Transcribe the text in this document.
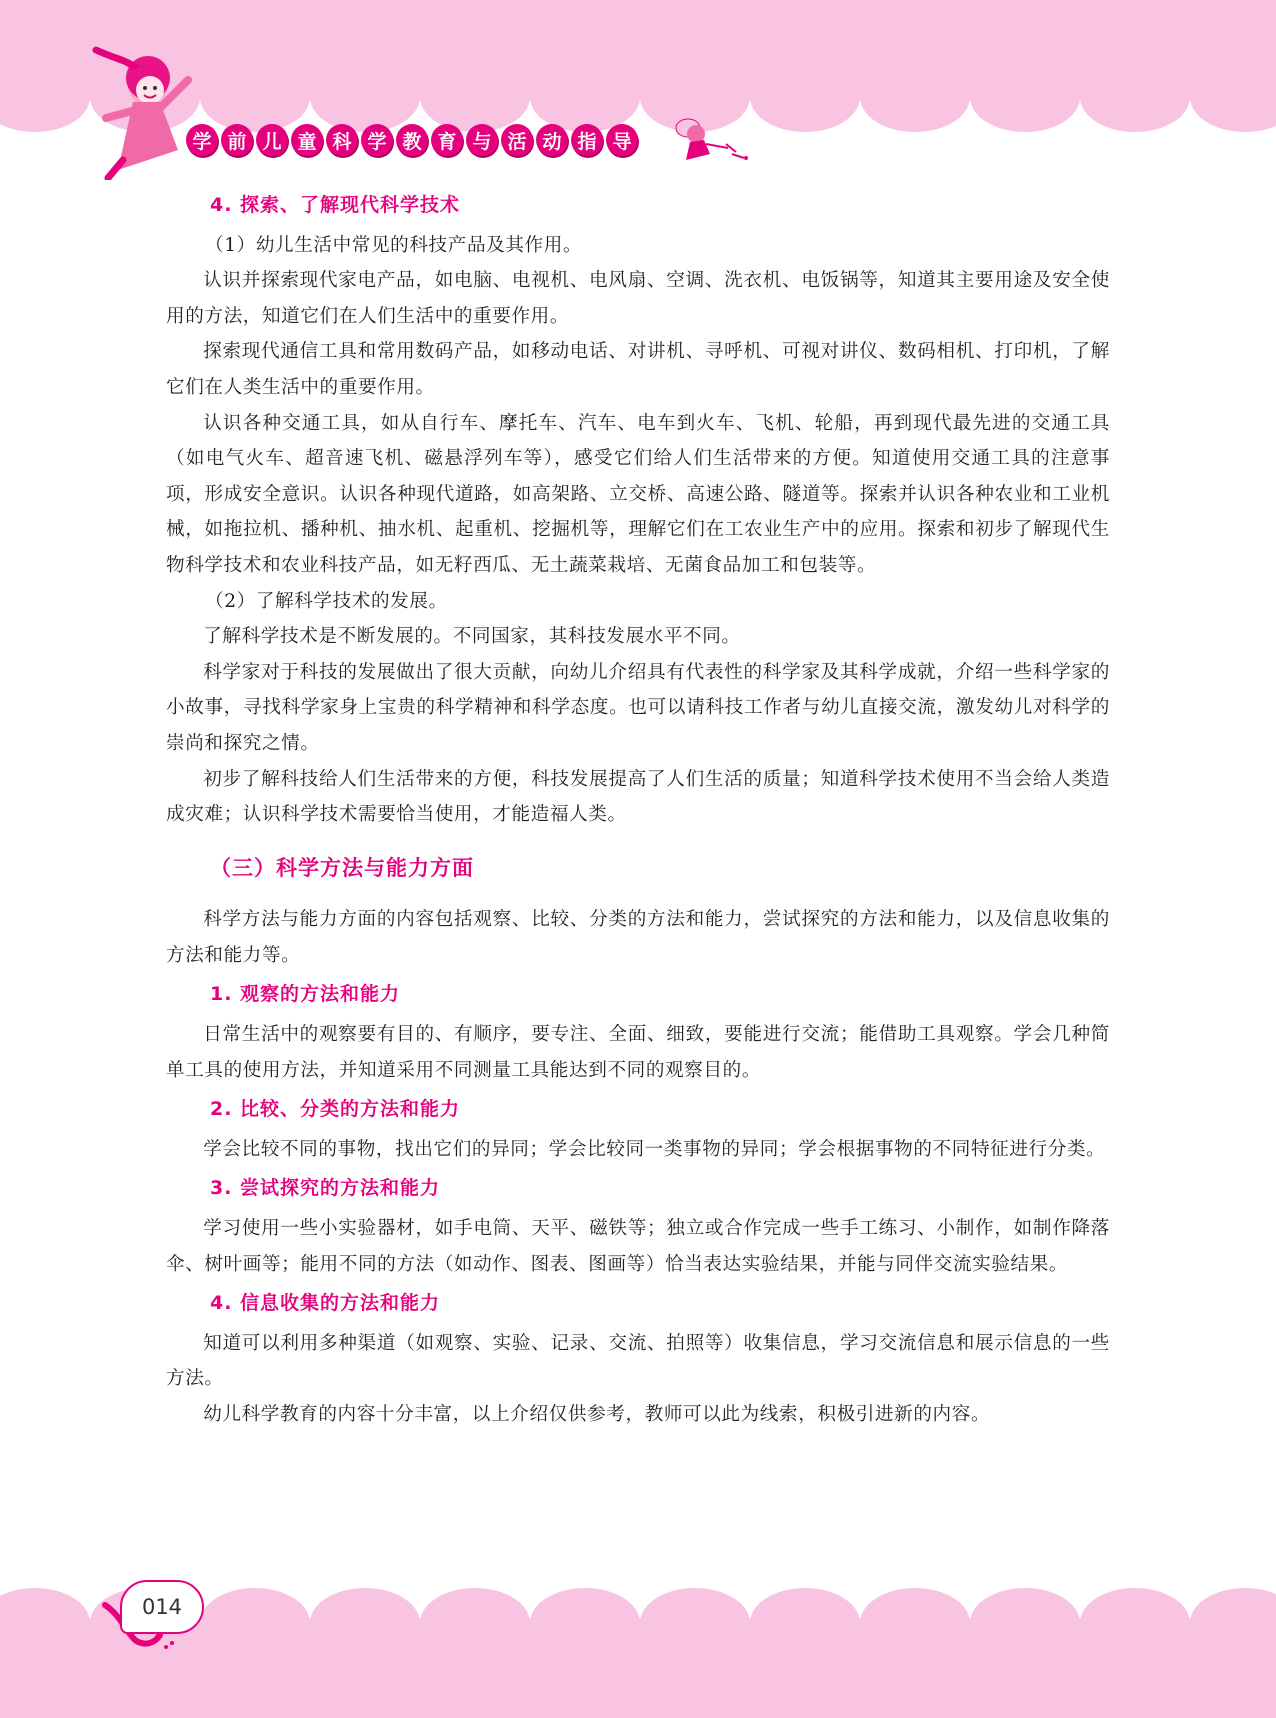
学 前 儿 童 科 学 教 育 与 活 动 指 导

4. 探索、了解现代科学技术

（1）幼儿生活中常见的科技产品及其作用。

认识并探索现代家电产品，如电脑、电视机、电风扇、空调、洗衣机、电饭锅等，知道其主要用途及安全使用的方法，知道它们在人们生活中的重要作用。

探索现代通信工具和常用数码产品，如移动电话、对讲机、寻呼机、可视对讲仪、数码相机、打印机，了解它们在人类生活中的重要作用。

认识各种交通工具，如从自行车、摩托车、汽车、电车到火车、飞机、轮船，再到现代最先进的交通工具（如电气火车、超音速飞机、磁悬浮列车等），感受它们给人们生活带来的方便。知道使用交通工具的注意事项，形成安全意识。认识各种现代道路，如高架路、立交桥、高速公路、隧道等。探索并认识各种农业和工业机械，如拖拉机、播种机、抽水机、起重机、挖掘机等，理解它们在工农业生产中的应用。探索和初步了解现代生物科学技术和农业科技产品，如无籽西瓜、无土蔬菜栽培、无菌食品加工和包装等。

（2）了解科学技术的发展。

了解科学技术是不断发展的。不同国家，其科技发展水平不同。

科学家对于科技的发展做出了很大贡献，向幼儿介绍具有代表性的科学家及其科学成就，介绍一些科学家的小故事，寻找科学家身上宝贵的科学精神和科学态度。也可以请科技工作者与幼儿直接交流，激发幼儿对科学的崇尚和探究之情。

初步了解科技给人们生活带来的方便，科技发展提高了人们生活的质量；知道科学技术使用不当会给人类造成灾难；认识科学技术需要恰当使用，才能造福人类。

（三）科学方法与能力方面

科学方法与能力方面的内容包括观察、比较、分类的方法和能力，尝试探究的方法和能力，以及信息收集的方法和能力等。

1. 观察的方法和能力

日常生活中的观察要有目的、有顺序，要专注、全面、细致，要能进行交流；能借助工具观察。学会几种简单工具的使用方法，并知道采用不同测量工具能达到不同的观察目的。

2. 比较、分类的方法和能力

学会比较不同的事物，找出它们的异同；学会比较同一类事物的异同；学会根据事物的不同特征进行分类。

3. 尝试探究的方法和能力

学习使用一些小实验器材，如手电筒、天平、磁铁等；独立或合作完成一些手工练习、小制作，如制作降落伞、树叶画等；能用不同的方法（如动作、图表、图画等）恰当表达实验结果，并能与同伴交流实验结果。

4. 信息收集的方法和能力

知道可以利用多种渠道（如观察、实验、记录、交流、拍照等）收集信息，学习交流信息和展示信息的一些方法。

幼儿科学教育的内容十分丰富，以上介绍仅供参考，教师可以此为线索，积极引进新的内容。

014
